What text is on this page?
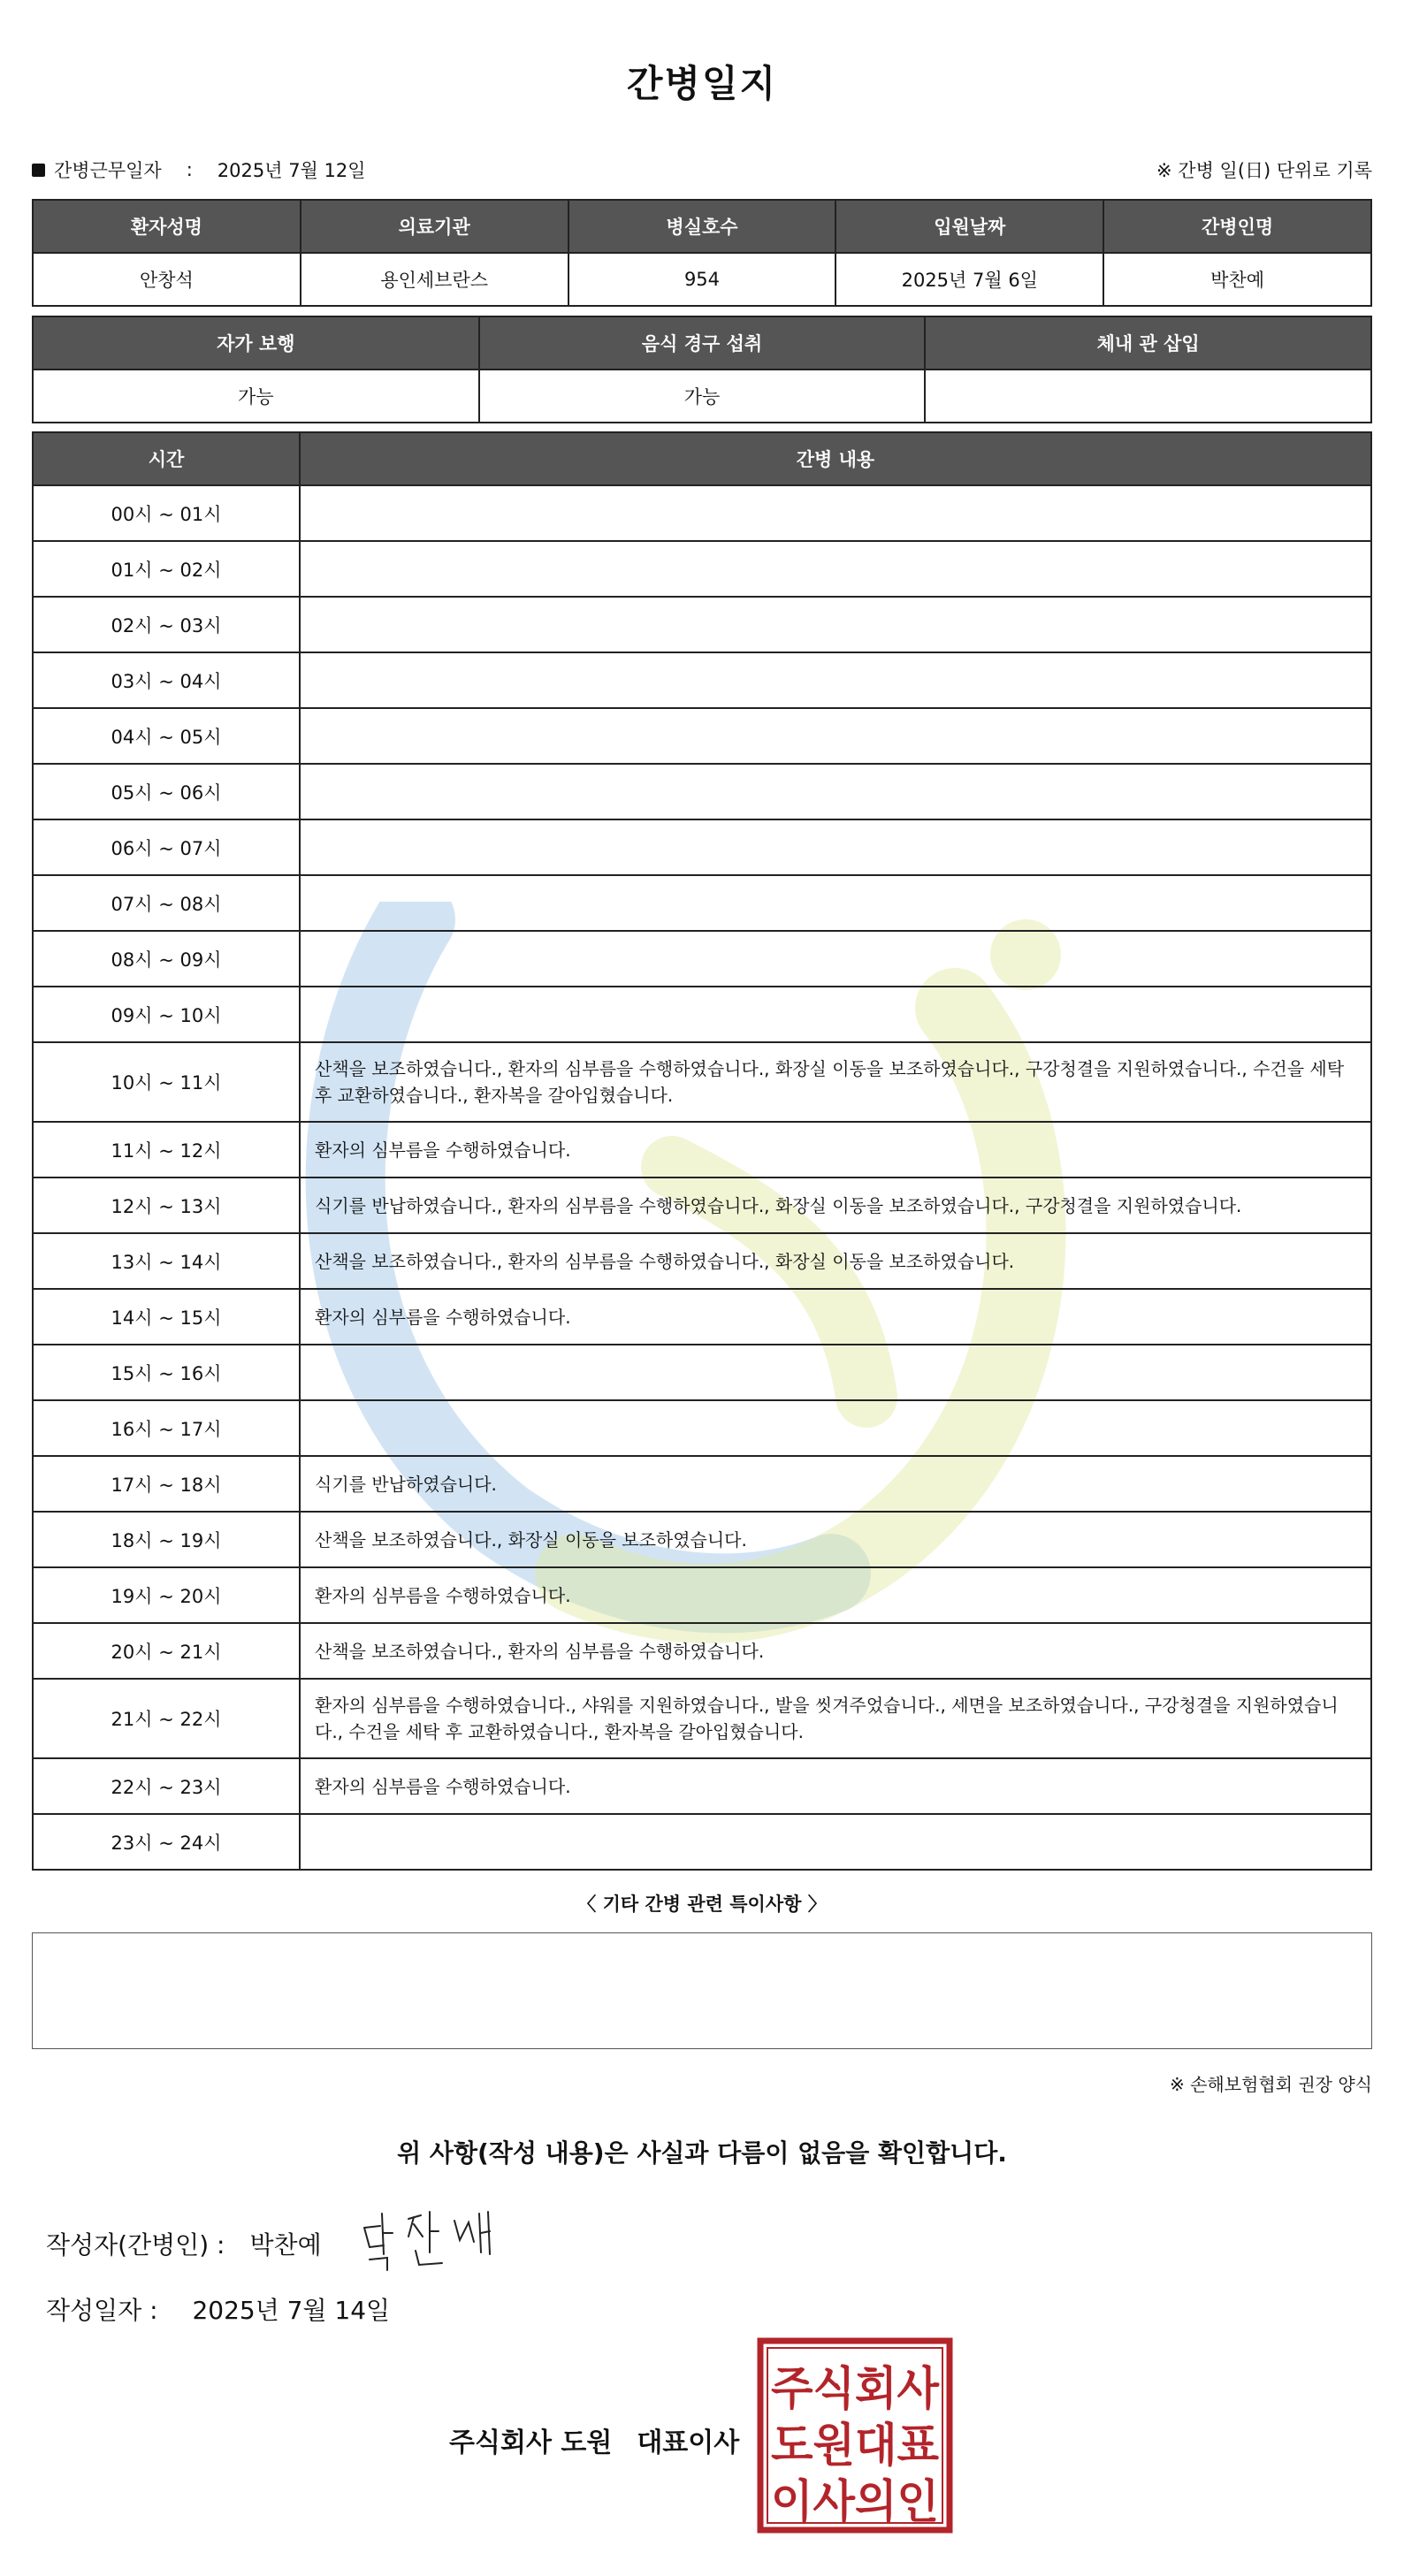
간병일지
간병근무일자 : 2025년 7월 12일	※ 간병 일(日) 단위로 기록
환자성명	의료기관	병실호수	입원날짜	간병인명
안창석	용인세브란스	954	2025년 7월 6일	박찬예
자가 보행	음식 경구 섭취	체내 관 삽입
가능	가능	
시간	간병 내용
00시 ~ 01시	
01시 ~ 02시	
02시 ~ 03시	
03시 ~ 04시	
04시 ~ 05시	
05시 ~ 06시	
06시 ~ 07시	
07시 ~ 08시	
08시 ~ 09시	
09시 ~ 10시	
10시 ~ 11시	산책을 보조하였습니다., 환자의 심부름을 수행하였습니다., 화장실 이동을 보조하였습니다., 구강청결을 지원하였습니다., 수건을 세탁 후 교환하였습니다., 환자복을 갈아입혔습니다.
11시 ~ 12시	환자의 심부름을 수행하였습니다.
12시 ~ 13시	식기를 반납하였습니다., 환자의 심부름을 수행하였습니다., 화장실 이동을 보조하였습니다., 구강청결을 지원하였습니다.
13시 ~ 14시	산책을 보조하였습니다., 환자의 심부름을 수행하였습니다., 화장실 이동을 보조하였습니다.
14시 ~ 15시	환자의 심부름을 수행하였습니다.
15시 ~ 16시	
16시 ~ 17시	
17시 ~ 18시	식기를 반납하였습니다.
18시 ~ 19시	산책을 보조하였습니다., 화장실 이동을 보조하였습니다.
19시 ~ 20시	환자의 심부름을 수행하였습니다.
20시 ~ 21시	산책을 보조하였습니다., 환자의 심부름을 수행하였습니다.
21시 ~ 22시	환자의 심부름을 수행하였습니다., 샤워를 지원하였습니다., 발을 씻겨주었습니다., 세면을 보조하였습니다., 구강청결을 지원하였습니다., 수건을 세탁 후 교환하였습니다., 환자복을 갈아입혔습니다.
22시 ~ 23시	환자의 심부름을 수행하였습니다.
23시 ~ 24시	
〈 기타 간병 관련 특이사항 〉
※ 손해보험협회 권장 양식
위 사항(작성 내용)은 사실과 다름이 없음을 확인합니다.
작성자(간병인) : 박찬예
작성일자 : 2025년 7월 14일
주식회사 도원 대표이사
주식회사
도원대표
이사의인
